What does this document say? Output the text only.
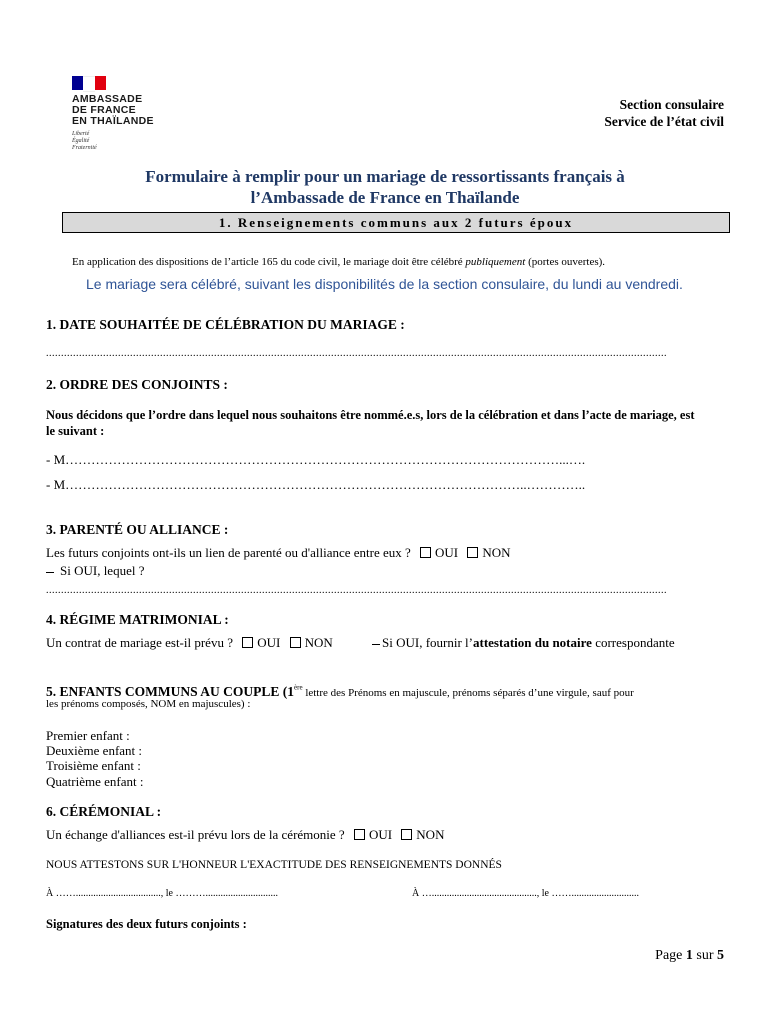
AMBASSADE
DE FRANCE
EN THAÏLANDE
Liberté
Égalité
Fraternité
Section consulaire
Service de l’état civil
Formulaire à remplir pour un mariage de ressortissants français à
l’Ambassade de France en Thaïlande
1. Renseignements communs aux 2 futurs époux
En application des dispositions de l’article 165 du code civil, le mariage doit être célébré publiquement (portes ouvertes).
Le mariage sera célébré, suivant les disponibilités de la section consulaire, du lundi au vendredi.
1. DATE SOUHAITÉE DE CÉLÉBRATION DU MARIAGE :
...............................................................................................................................................................................................................
2. ORDRE DES CONJOINTS :
Nous décidons que l’ordre dans lequel nous souhaitons être nommé.e.s, lors de la célébration et dans l’acte de mariage, est le suivant :
- M……………………………………………………………………………………………………...….
- M……………………………………………………………………………………………..…………..
3. PARENTÉ OU ALLIANCE :
Les futurs conjoints ont-ils un lien de parenté ou d'alliance entre eux ? OUI NON
Si OUI, lequel ?
...............................................................................................................................................................................................................
4. RÉGIME MATRIMONIAL :
Un contrat de mariage est-il prévu ? OUI NON	Si OUI, fournir l’attestation du notaire correspondante
5. ENFANTS COMMUNS AU COUPLE (1ère lettre des Prénoms en majuscule, prénoms séparés d’une virgule, sauf pour
les prénoms composés, NOM en majuscules) :
Premier enfant :
Deuxième enfant :
Troisième enfant :
Quatrième enfant :
6. CÉRÉMONIAL :
Un échange d'alliances est-il prévu lors de la cérémonie ? OUI NON
NOUS ATTESTONS SUR L'HONNEUR L'EXACTITUDE DES RENSEIGNEMENTS DONNÉS
À …….................................., le ……….............................	À ….........................................., le ……...........................
Signatures des deux futurs conjoints :
Page 1 sur 5
